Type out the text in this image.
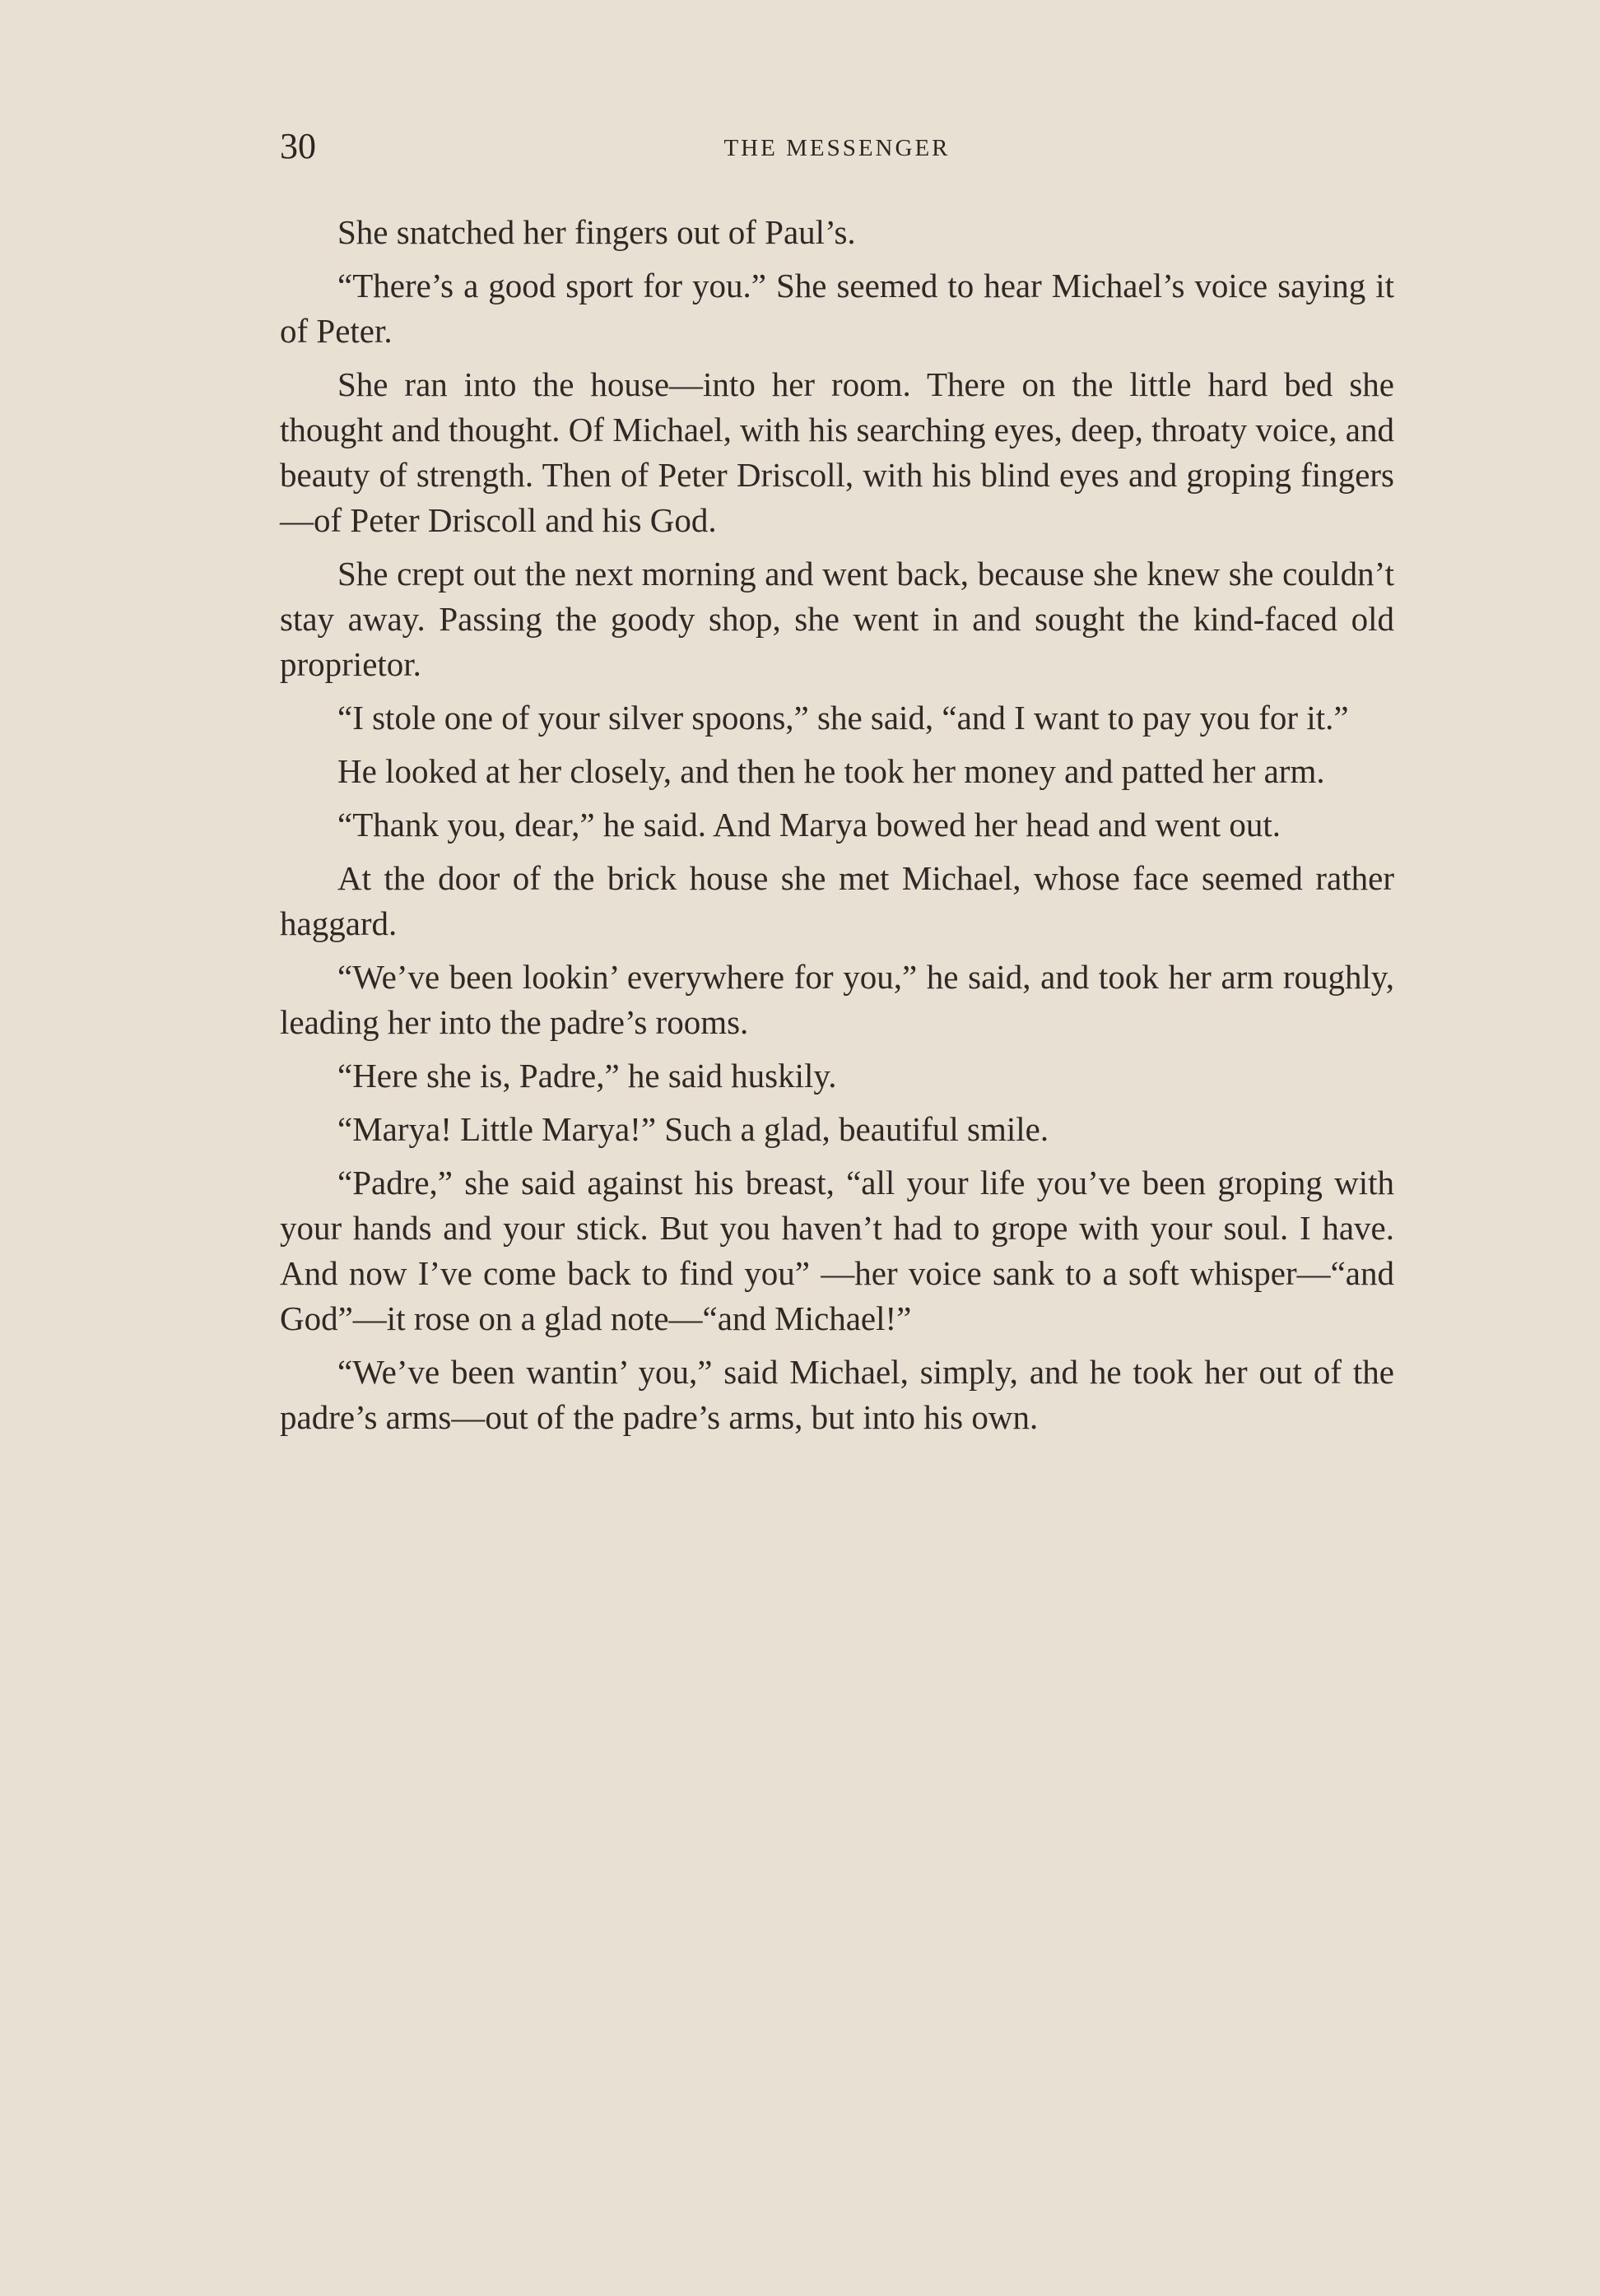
30	THE MESSENGER

She snatched her fingers out of Paul’s.

“There’s a good sport for you.” She seemed to hear Michael’s voice saying it of Peter.

She ran into the house—into her room. There on the little hard bed she thought and thought. Of Michael, with his searching eyes, deep, throaty voice, and beauty of strength. Then of Peter Driscoll, with his blind eyes and groping fingers—of Peter Driscoll and his God.

She crept out the next morning and went back, because she knew she couldn’t stay away. Passing the goody shop, she went in and sought the kind-faced old proprietor.

“I stole one of your silver spoons,” she said, “and I want to pay you for it.”

He looked at her closely, and then he took her money and patted her arm.

“Thank you, dear,” he said. And Marya bowed her head and went out.

At the door of the brick house she met Michael, whose face seemed rather haggard.

“We’ve been lookin’ everywhere for you,” he said, and took her arm roughly, leading her into the padre’s rooms.

“Here she is, Padre,” he said huskily.

“Marya! Little Marya!” Such a glad, beautiful smile.

“Padre,” she said against his breast, “all your life you’ve been groping with your hands and your stick. But you haven’t had to grope with your soul. I have. And now I’ve come back to find you” —her voice sank to a soft whisper—“and God”—it rose on a glad note—“and Michael!”

“We’ve been wantin’ you,” said Michael, simply, and he took her out of the padre’s arms—out of the padre’s arms, but into his own.
